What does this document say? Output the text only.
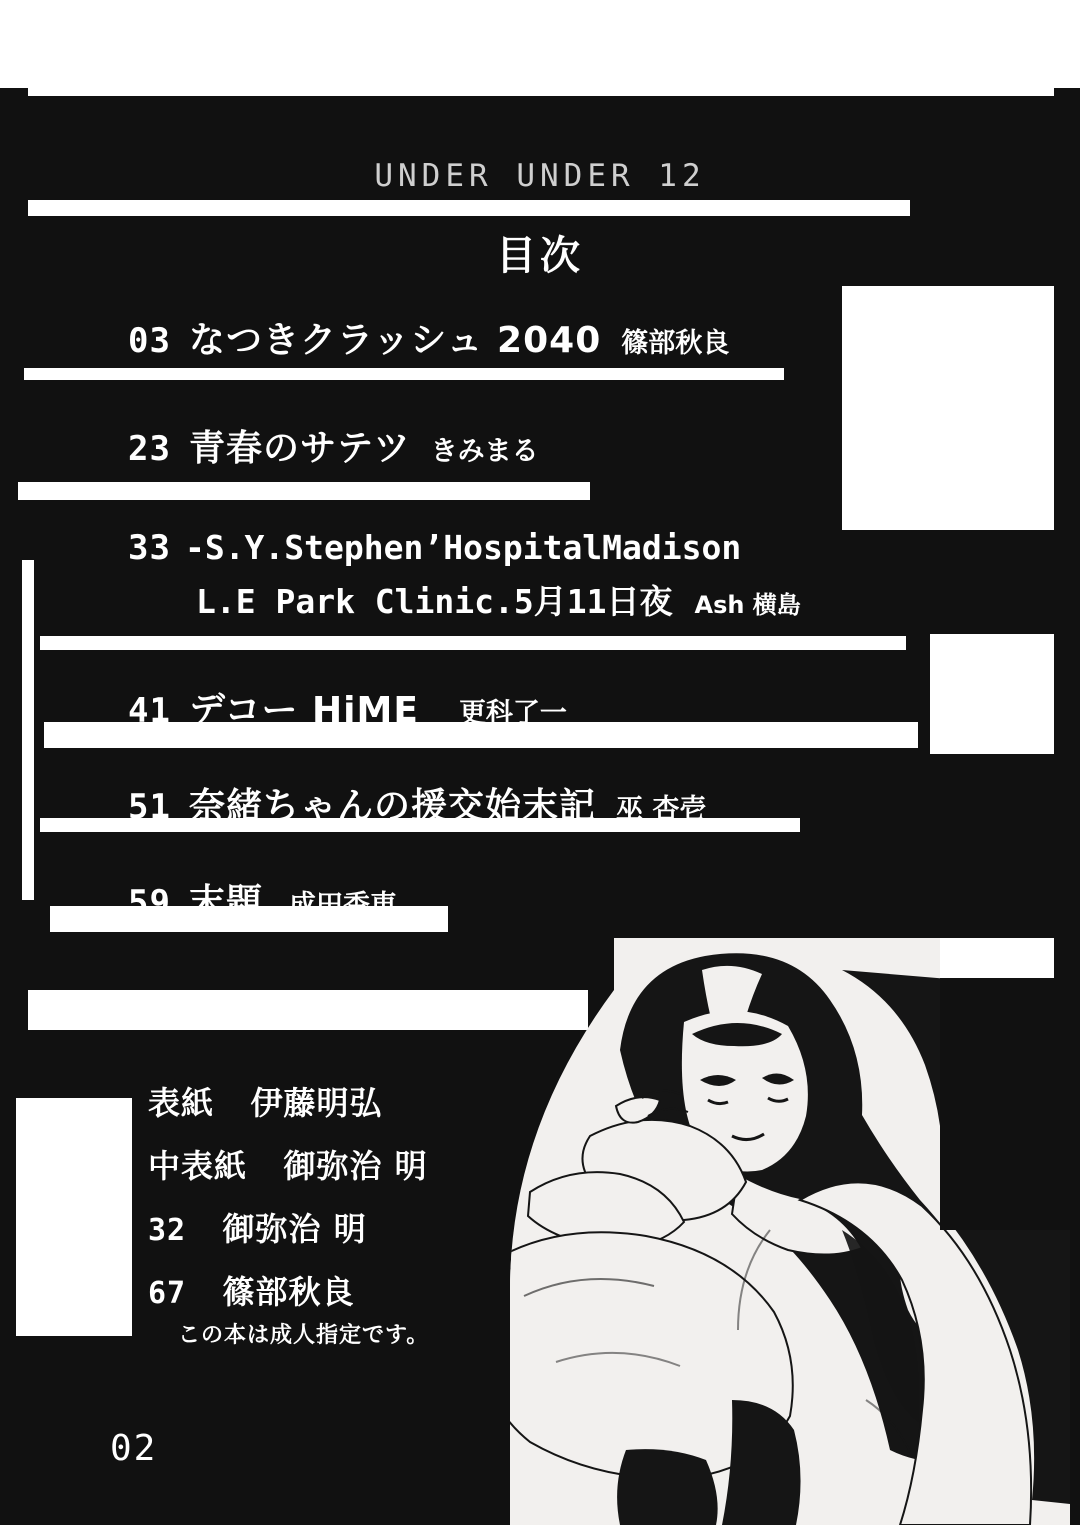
UNDER UNDER 12
目次
03 なつきクラッシュ 2040 篠部秋良
23 青春のサテツ きみまる
33 -S.Y.Stephen’HospitalMadison
L.E Park Clinic.5月11日夜 Ash 横島
41 デコー HiME 更科了一
51 奈緒ちゃんの援交始末記 巫 杏壱
59 末題 成田香車
表紙 伊藤明弘
中表紙 御弥治 明
32 御弥治 明
67 篠部秋良
この本は成人指定です。
02
